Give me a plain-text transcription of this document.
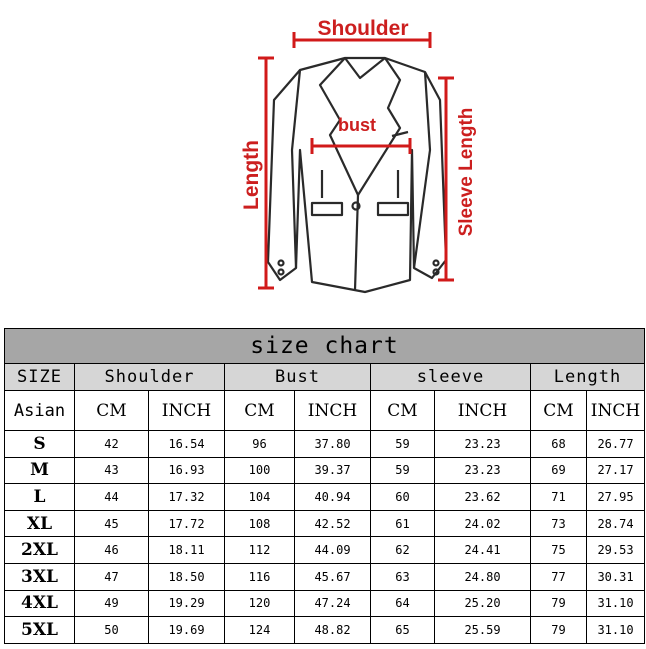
Shoulder
bust
Length	Sleeve Length
size chart								
SIZE	Shoulder		Bust		sleeve		Length	
Asian	CM	INCH	CM	INCH	CM	INCH	CM	INCH
S	42	16.54	96	37.80	59	23.23	68	26.77
M	43	16.93	100	39.37	59	23.23	69	27.17
L	44	17.32	104	40.94	60	23.62	71	27.95
XL	45	17.72	108	42.52	61	24.02	73	28.74
2XL	46	18.11	112	44.09	62	24.41	75	29.53
3XL	47	18.50	116	45.67	63	24.80	77	30.31
4XL	49	19.29	120	47.24	64	25.20	79	31.10
5XL	50	19.69	124	48.82	65	25.59	79	31.10
